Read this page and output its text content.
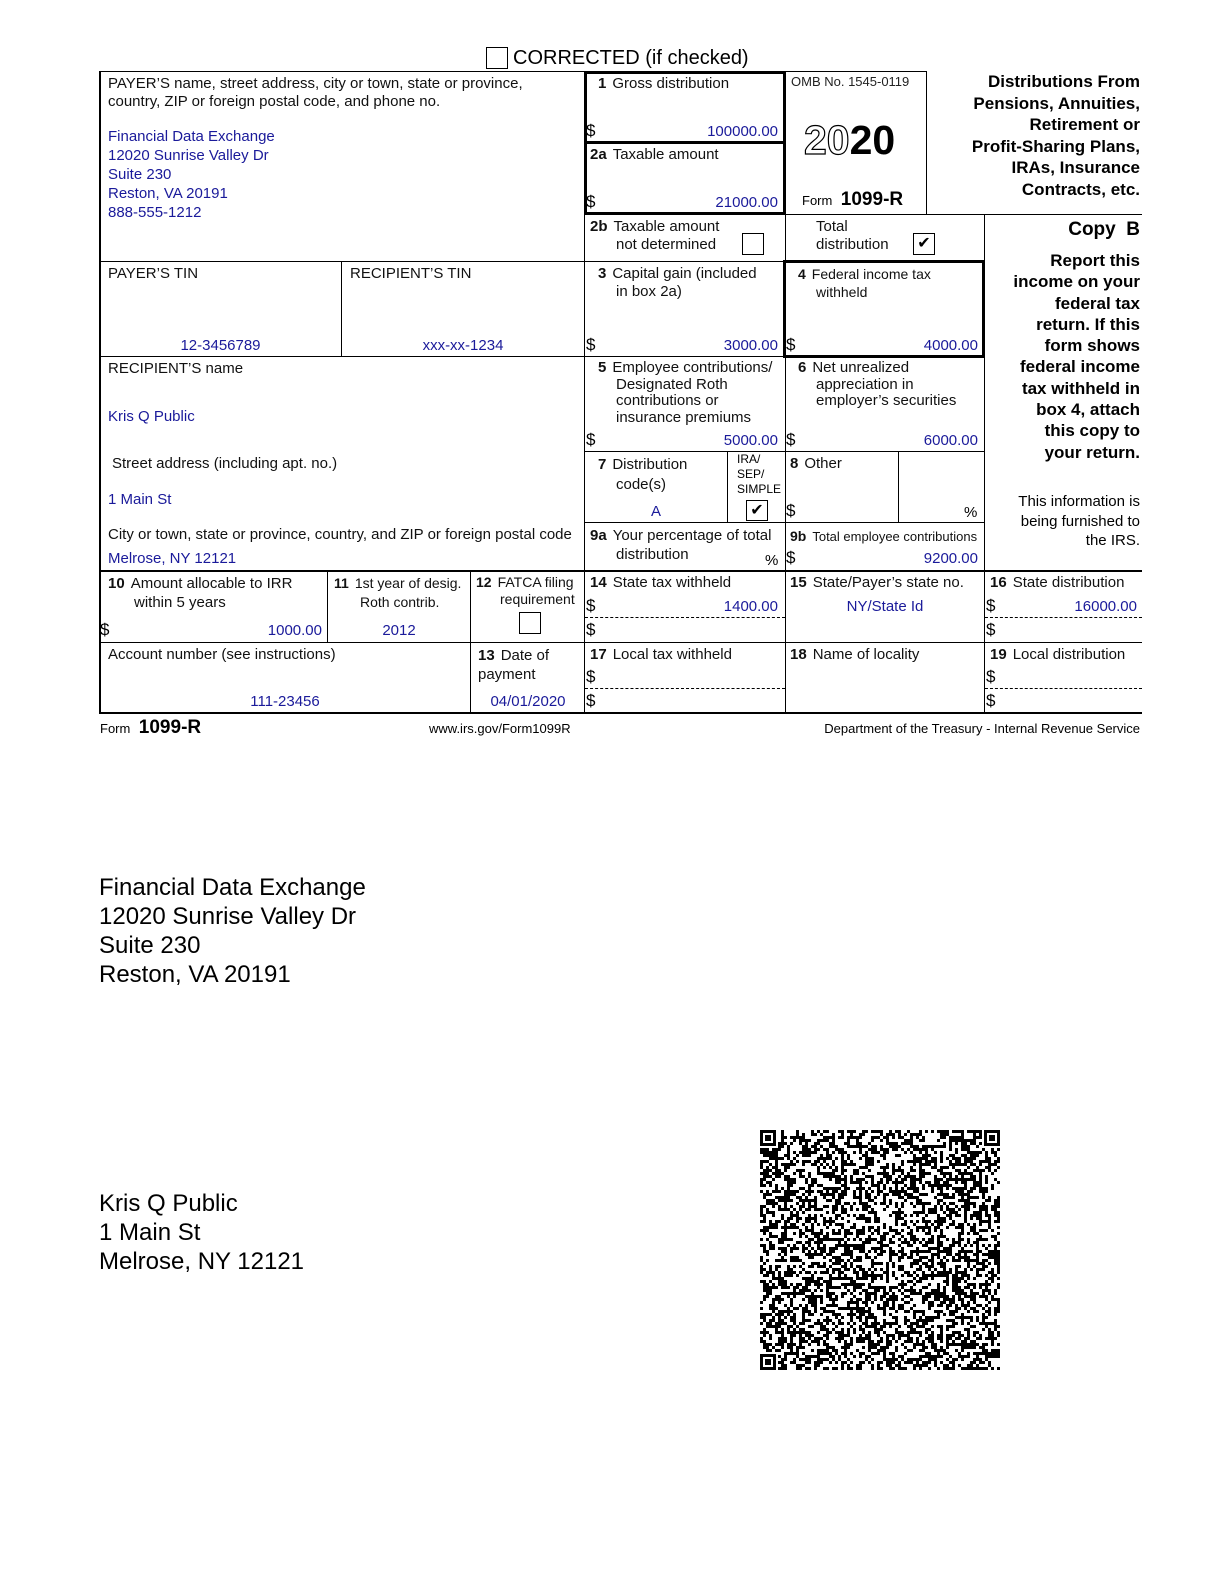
CORRECTED (if checked)
PAYER’S name, street address, city or town, state or province, country, ZIP or foreign postal code, and phone no.
Financial Data Exchange
12020 Sunrise Valley Dr
Suite 230
Reston, VA 20191
888-555-1212
1 Gross distribution
$	100000.00
2a Taxable amount
$	21000.00
OMB No. 1545-0119
2020
Form 1099-R
Distributions From
Pensions, Annuities,
Retirement or
Profit-Sharing Plans,
IRAs, Insurance
Contracts, etc.
2b Taxable amount
not determined
Total
distribution ✔
Copy  B
Report this
income on your
federal tax
return. If this
form shows
federal income
tax withheld in
box 4, attach
this copy to
your return.
This information is
being furnished to
the IRS.
PAYER’S TIN
12-3456789
RECIPIENT’S TIN
xxx-xx-1234
3 Capital gain (included
in box 2a)
$	3000.00
4 Federal income tax
withheld
$	4000.00
RECIPIENT’S name
Kris Q Public
5 Employee contributions/
Designated Roth
contributions or
insurance premiums
$	5000.00
6 Net unrealized
appreciation in
employer’s securities
$	6000.00
Street address (including apt. no.)
1 Main St
7 Distribution
code(s)
A
IRA/
SEP/
SIMPLE
✔
8 Other
$	%
City or town, state or province, country, and ZIP or foreign postal code
Melrose, NY 12121
9a Your percentage of total
distribution	%
9b Total employee contributions
$	9200.00
10 Amount allocable to IRR
within 5 years
$	1000.00
11 1st year of desig.
Roth contrib.
2012
12 FATCA filing
requirement
14 State tax withheld
$	1400.00
$
15 State/Payer’s state no.
NY/State Id
16 State distribution
$	16000.00
$
Account number (see instructions)
111-23456
13 Date of
payment
04/01/2020
17 Local tax withheld
$
$
18 Name of locality	19 Local distribution
$
$
Form 1099-R	www.irs.gov/Form1099R	Department of the Treasury - Internal Revenue Service
Financial Data Exchange
12020 Sunrise Valley Dr
Suite 230
Reston, VA 20191
Kris Q Public
1 Main St
Melrose, NY 12121
